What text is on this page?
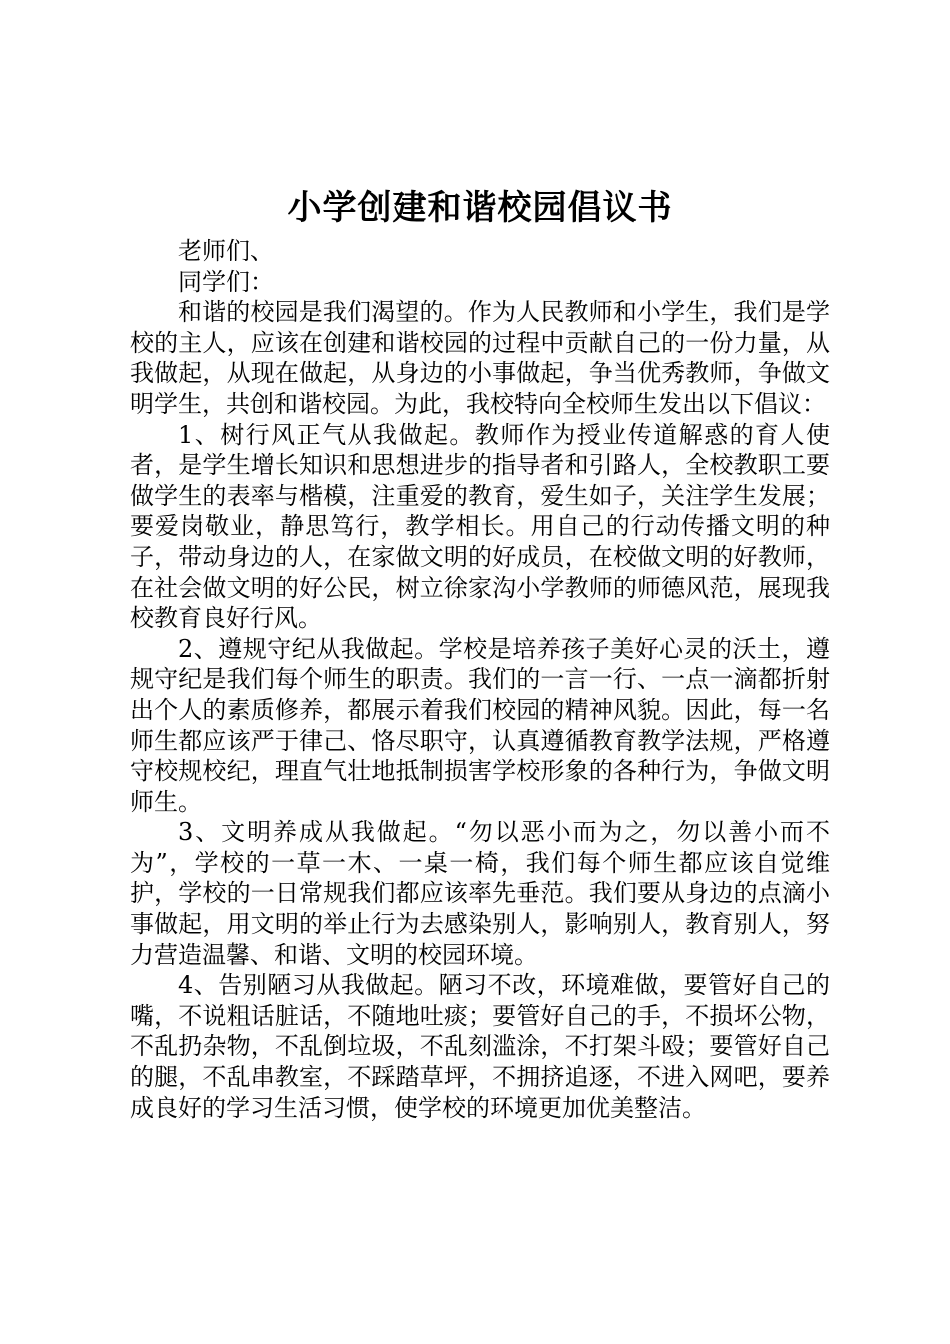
小学创建和谐校园倡议书

老师们、

同学们：

和谐的校园是我们渴望的。作为人民教师和小学生，我们是学校的主人，应该在创建和谐校园的过程中贡献自己的一份力量，从我做起，从现在做起，从身边的小事做起，争当优秀教师，争做文明学生，共创和谐校园。为此，我校特向全校师生发出以下倡议：

1、树行风正气从我做起。教师作为授业传道解惑的育人使者，是学生增长知识和思想进步的指导者和引路人，全校教职工要做学生的表率与楷模，注重爱的教育，爱生如子，关注学生发展；要爱岗敬业，静思笃行，教学相长。用自己的行动传播文明的种子，带动身边的人，在家做文明的好成员，在校做文明的好教师，在社会做文明的好公民，树立徐家沟小学教师的师德风范，展现我校教育良好行风。

2、遵规守纪从我做起。学校是培养孩子美好心灵的沃土，遵规守纪是我们每个师生的职责。我们的一言一行、一点一滴都折射出个人的素质修养，都展示着我们校园的精神风貌。因此，每一名师生都应该严于律己、恪尽职守，认真遵循教育教学法规，严格遵守校规校纪，理直气壮地抵制损害学校形象的各种行为，争做文明师生。

3、文明养成从我做起。“勿以恶小而为之，勿以善小而不为”，学校的一草一木、一桌一椅，我们每个师生都应该自觉维护，学校的一日常规我们都应该率先垂范。我们要从身边的点滴小事做起，用文明的举止行为去感染别人，影响别人，教育别人，努力营造温馨、和谐、文明的校园环境。

4、告别陋习从我做起。陋习不改，环境难做，要管好自己的嘴，不说粗话脏话，不随地吐痰；要管好自己的手，不损坏公物，不乱扔杂物，不乱倒垃圾，不乱刻滥涂，不打架斗殴；要管好自己的腿，不乱串教室，不踩踏草坪，不拥挤追逐，不进入网吧，要养成良好的学习生活习惯，使学校的环境更加优美整洁。
